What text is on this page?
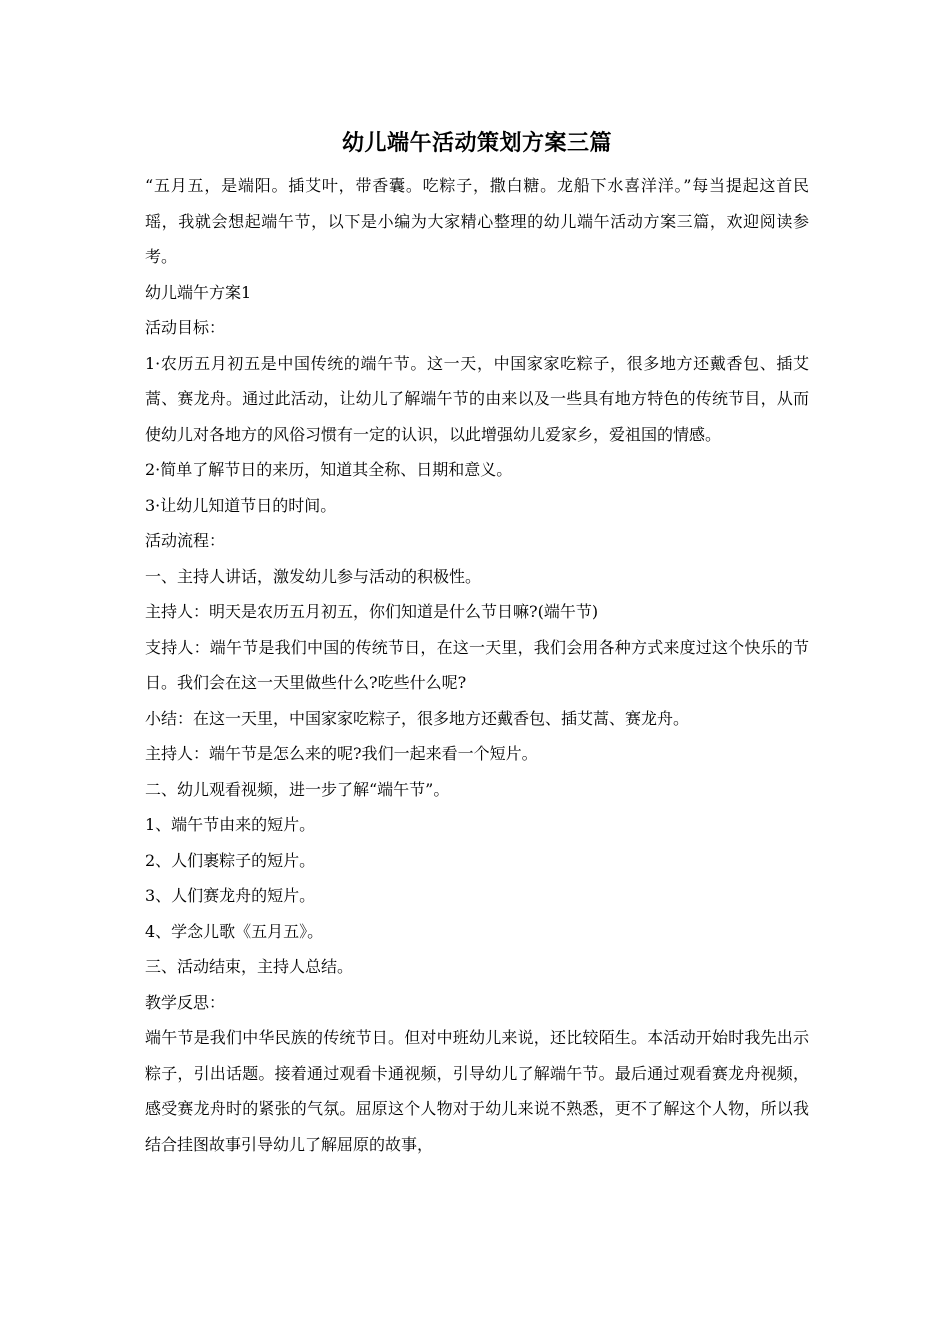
幼儿端午活动策划方案三篇

“五月五，是端阳。插艾叶，带香囊。吃粽子，撒白糖。龙船下水喜洋洋。”每当提起这首民瑶，我就会想起端午节，以下是小编为大家精心整理的幼儿端午活动方案三篇，欢迎阅读参考。

幼儿端午方案1

活动目标：

1·农历五月初五是中国传统的端午节。这一天，中国家家吃粽子，很多地方还戴香包、插艾蒿、赛龙舟。通过此活动，让幼儿了解端午节的由来以及一些具有地方特色的传统节目，从而使幼儿对各地方的风俗习惯有一定的认识，以此增强幼儿爱家乡，爱祖国的情感。

2·简单了解节日的来历，知道其全称、日期和意义。

3·让幼儿知道节日的时间。

活动流程：

一、主持人讲话，激发幼儿参与活动的积极性。

主持人：明天是农历五月初五，你们知道是什么节日嘛?(端午节)

支持人：端午节是我们中国的传统节日，在这一天里，我们会用各种方式来度过这个快乐的节日。我们会在这一天里做些什么?吃些什么呢?

小结：在这一天里，中国家家吃粽子，很多地方还戴香包、插艾蒿、赛龙舟。

主持人：端午节是怎么来的呢?我们一起来看一个短片。

二、幼儿观看视频，进一步了解“端午节”。

1、端午节由来的短片。

2、人们裹粽子的短片。

3、人们赛龙舟的短片。

4、学念儿歌《五月五》。

三、活动结束，主持人总结。

教学反思：

端午节是我们中华民族的传统节日。但对中班幼儿来说，还比较陌生。本活动开始时我先出示粽子，引出话题。接着通过观看卡通视频，引导幼儿了解端午节。最后通过观看赛龙舟视频，感受赛龙舟时的紧张的气氛。屈原这个人物对于幼儿来说不熟悉，更不了解这个人物，所以我结合挂图故事引导幼儿了解屈原的故事，
